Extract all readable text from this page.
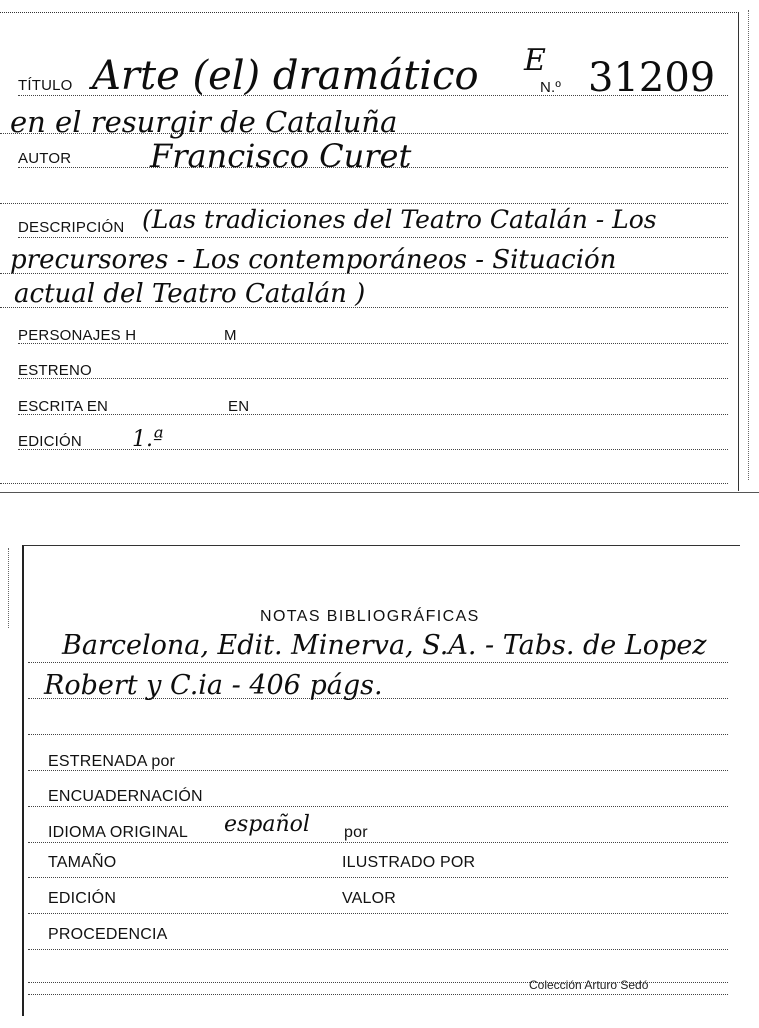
TÍTULO Arte (el) dramático E
N.º 31209
en el resurgir de Cataluña
AUTOR Francisco Curet
DESCRIPCIÓN (Las tradiciones del Teatro Catalán - Los
precursores - Los contemporáneos - Situación
actual del Teatro Catalán )
PERSONAJES H	M
ESTRENO
ESCRITA EN	EN
EDICIÓN 1.ª
NOTAS BIBLIOGRÁFICAS
Barcelona, Edit. Minerva, S.A. - Tabs. de Lopez
Robert y C.ia - 406 págs.
ESTRENADA por
ENCUADERNACIÓN
IDIOMA ORIGINAL español por
TAMAÑO	ILUSTRADO POR
EDICIÓN	VALOR
PROCEDENCIA
Colección Arturo Sedó
